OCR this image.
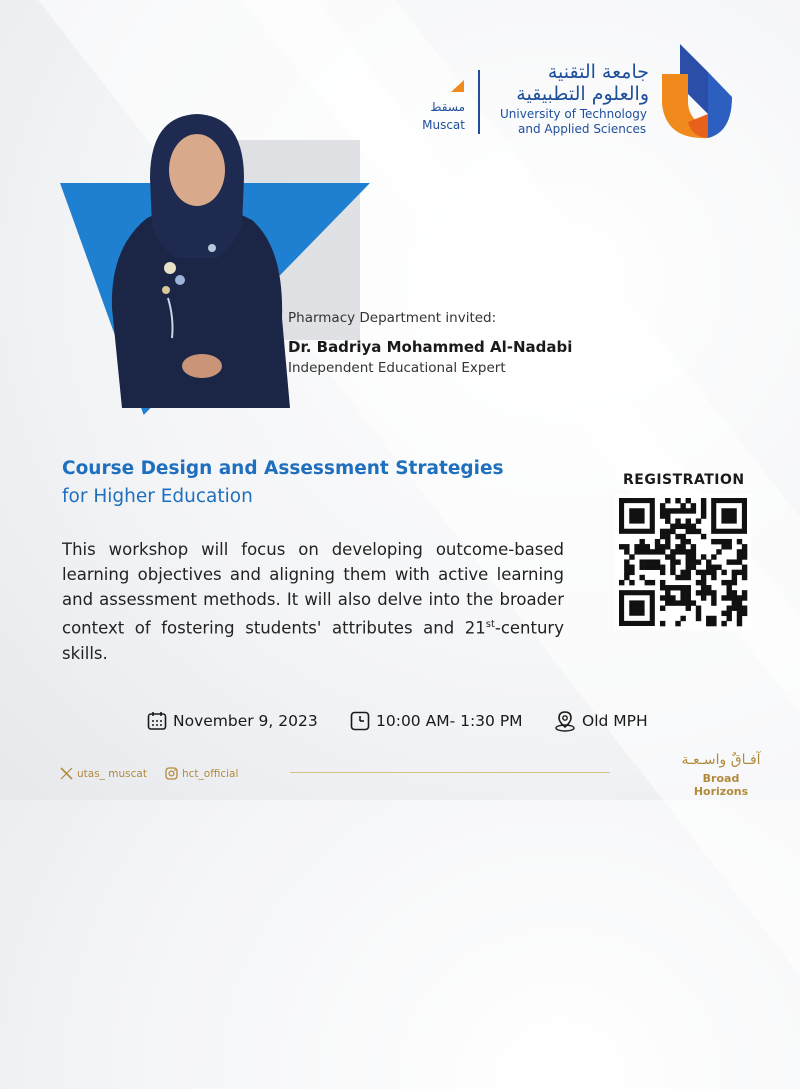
مسقط
Muscat
جامعة التقنية
والعلوم التطبيقية
University of Technology
and Applied Sciences
Pharmacy Department invited:
Dr. Badriya Mohammed Al-Nadabi
Independent Educational Expert
Course Design and Assessment Strategies
for Higher Education
This workshop will focus on developing outcome-based learning objectives and aligning them with active learning and assessment methods. It will also delve into the broader context of fostering students' attributes and 21st-century skills.
REGISTRATION
November 9, 2023	10:00 AM- 1:30 PM	Old MPH
utas_ muscat	hct_official
آفـاقٌ واسـعـة
Broad Horizons
